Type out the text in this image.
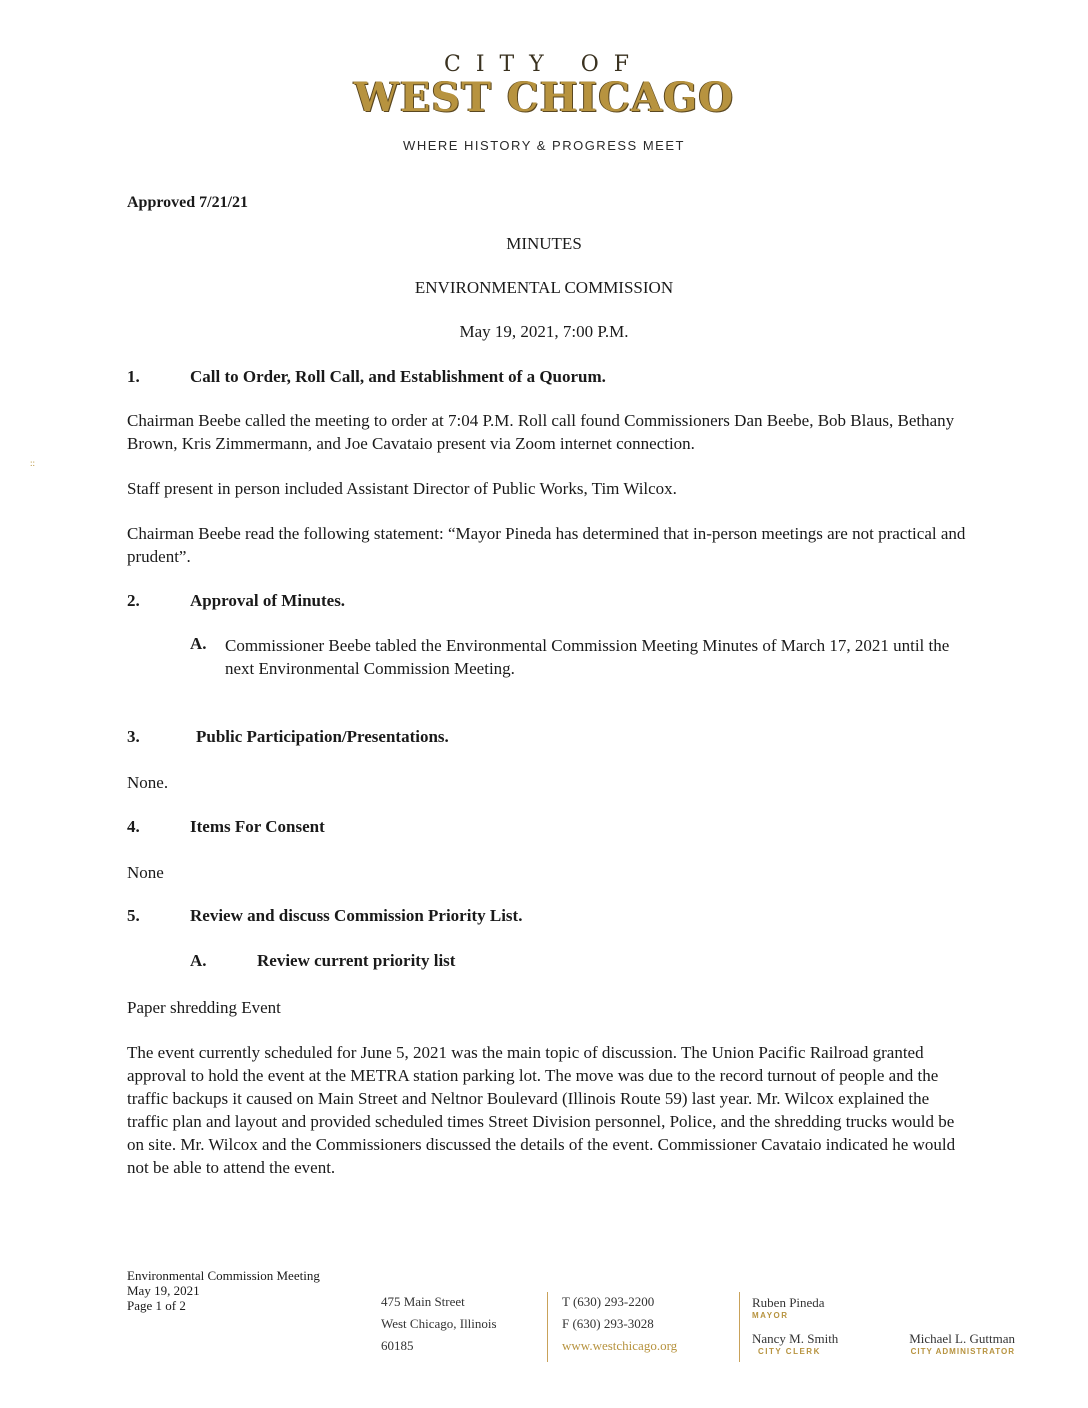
CITY OF
WEST CHICAGO
WHERE HISTORY & PROGRESS MEET
::
Approved 7/21/21
MINUTES
ENVIRONMENTAL COMMISSION
May 19, 2021, 7:00 P.M.
1.	Call to Order, Roll Call, and Establishment of a Quorum.
Chairman Beebe called the meeting to order at 7:04 P.M. Roll call found Commissioners Dan Beebe, Bob Blaus, Bethany Brown, Kris Zimmermann, and Joe Cavataio present via Zoom internet connection.
Staff present in person included Assistant Director of Public Works, Tim Wilcox.
Chairman Beebe read the following statement: “Mayor Pineda has determined that in-person meetings are not practical and prudent”.
2.	Approval of Minutes.
A. Commissioner Beebe tabled the Environmental Commission Meeting Minutes of March 17, 2021 until the next Environmental Commission Meeting.
3.	Public Participation/Presentations.
None.
4.	Items For Consent
None
5.	Review and discuss Commission Priority List.
A.	Review current priority list
Paper shredding Event
The event currently scheduled for June 5, 2021 was the main topic of discussion. The Union Pacific Railroad granted approval to hold the event at the METRA station parking lot. The move was due to the record turnout of people and the traffic backups it caused on Main Street and Neltnor Boulevard (Illinois Route 59) last year. Mr. Wilcox explained the traffic plan and layout and provided scheduled times Street Division personnel, Police, and the shredding trucks would be on site. Mr. Wilcox and the Commissioners discussed the details of the event. Commissioner Cavataio indicated he would not be able to attend the event.
Environmental Commission Meeting
May 19, 2021
Page 1 of 2	475 Main Street
West Chicago, Illinois
60185
T (630) 293-2200
F (630) 293-3028
www.westchicago.org
Ruben Pineda
MAYOR
Nancy M. Smith
CITY CLERK
Michael L. Guttman
CITY ADMINISTRATOR
